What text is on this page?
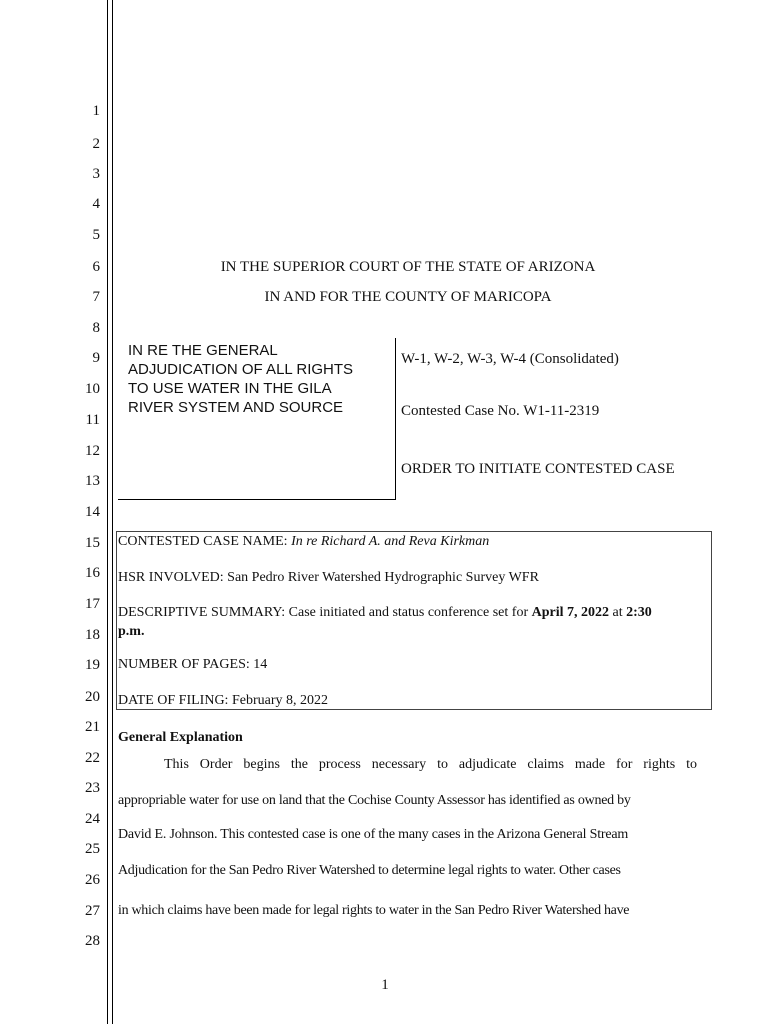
1
2
3
4
5
6
7
8
9
10
11
12
13
14
15
16
17
18
19
20
21
22
23
24
25
26
27
28
IN THE SUPERIOR COURT OF THE STATE OF ARIZONA
IN AND FOR THE COUNTY OF MARICOPA
IN RE THE GENERAL
ADJUDICATION OF ALL RIGHTS
TO USE WATER IN THE GILA
RIVER SYSTEM AND SOURCE
W-1, W-2, W-3, W-4 (Consolidated)
Contested Case No. W1-11-2319
ORDER TO INITIATE CONTESTED CASE
CONTESTED CASE NAME: In re Richard A. and Reva Kirkman
HSR INVOLVED: San Pedro River Watershed Hydrographic Survey WFR
DESCRIPTIVE SUMMARY: Case initiated and status conference set for April 7, 2022 at 2:30
p.m.
NUMBER OF PAGES: 14
DATE OF FILING: February 8, 2022
General Explanation
This Order begins the process necessary to adjudicate claims made for rights to
appropriable water for use on land that the Cochise County Assessor has identified as owned by
David E. Johnson. This contested case is one of the many cases in the Arizona General Stream
Adjudication for the San Pedro River Watershed to determine legal rights to water. Other cases
in which claims have been made for legal rights to water in the San Pedro River Watershed have
1
